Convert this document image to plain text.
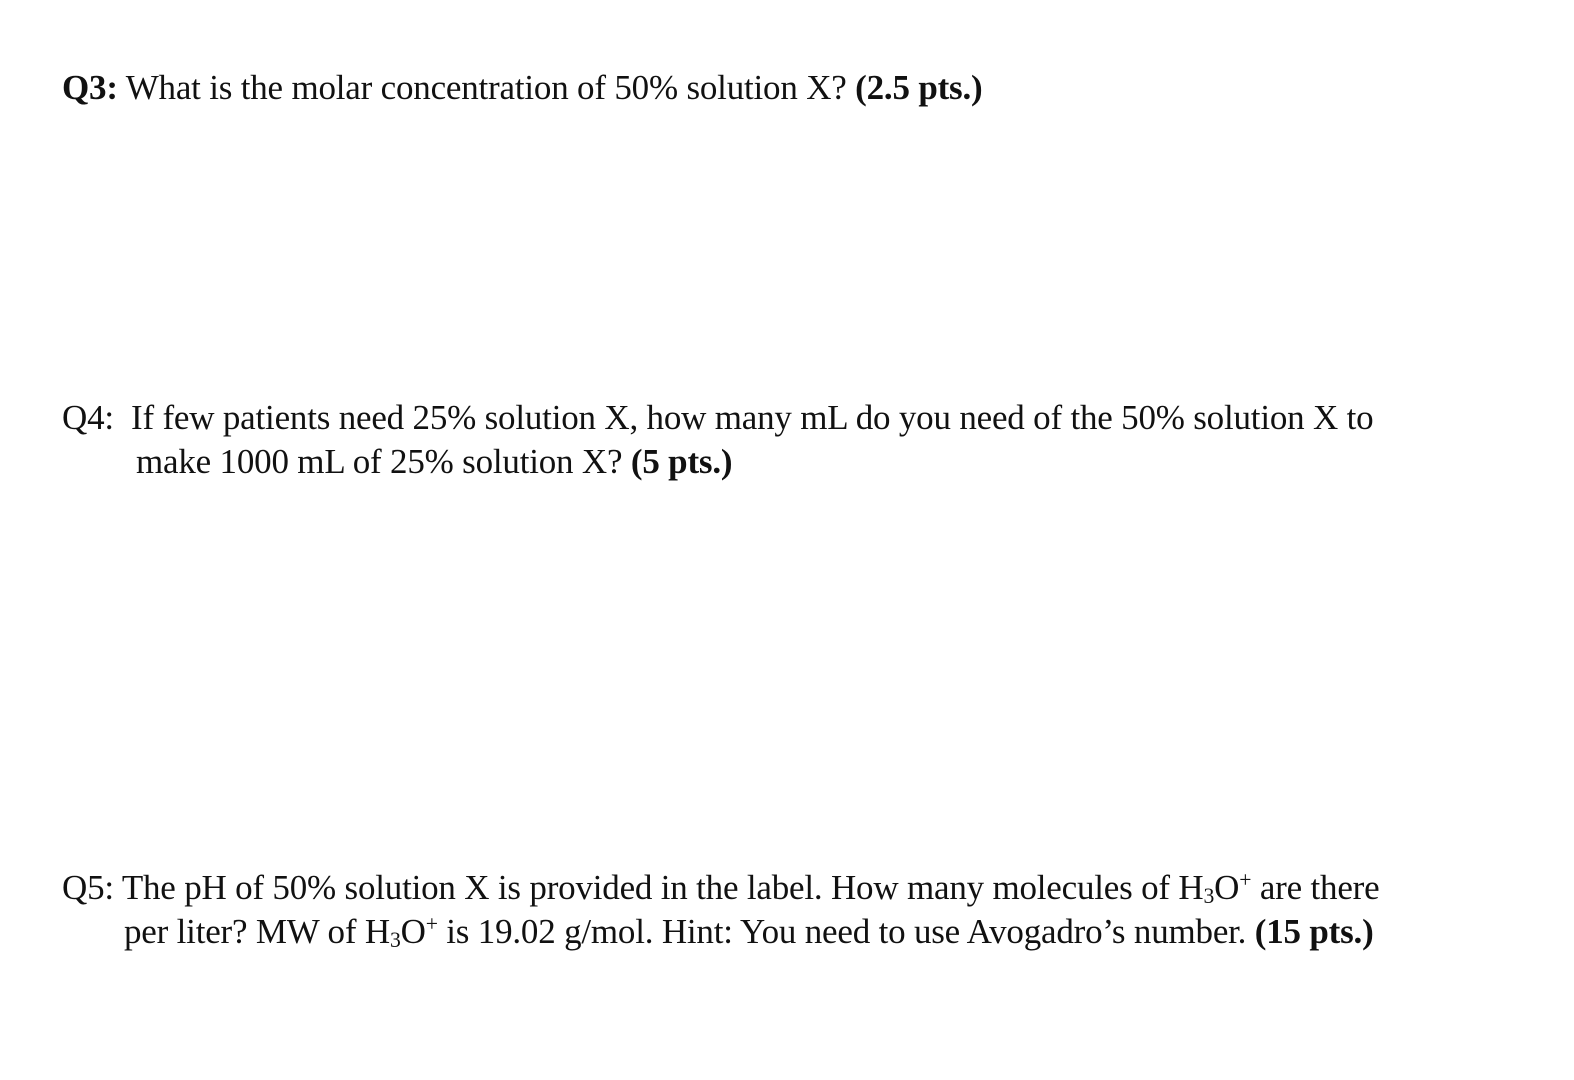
Q3: What is the molar concentration of 50% solution X? (2.5 pts.)
Q4:  If few patients need 25% solution X, how many mL do you need of the 50% solution X to
make 1000 mL of 25% solution X? (5 pts.)
Q5: The pH of 50% solution X is provided in the label. How many molecules of $H_3O^+$ are there
per liter? MW of $H_3O^+$ is 19.02 g/mol. Hint: You need to use Avogadro’s number. (15 pts.)
